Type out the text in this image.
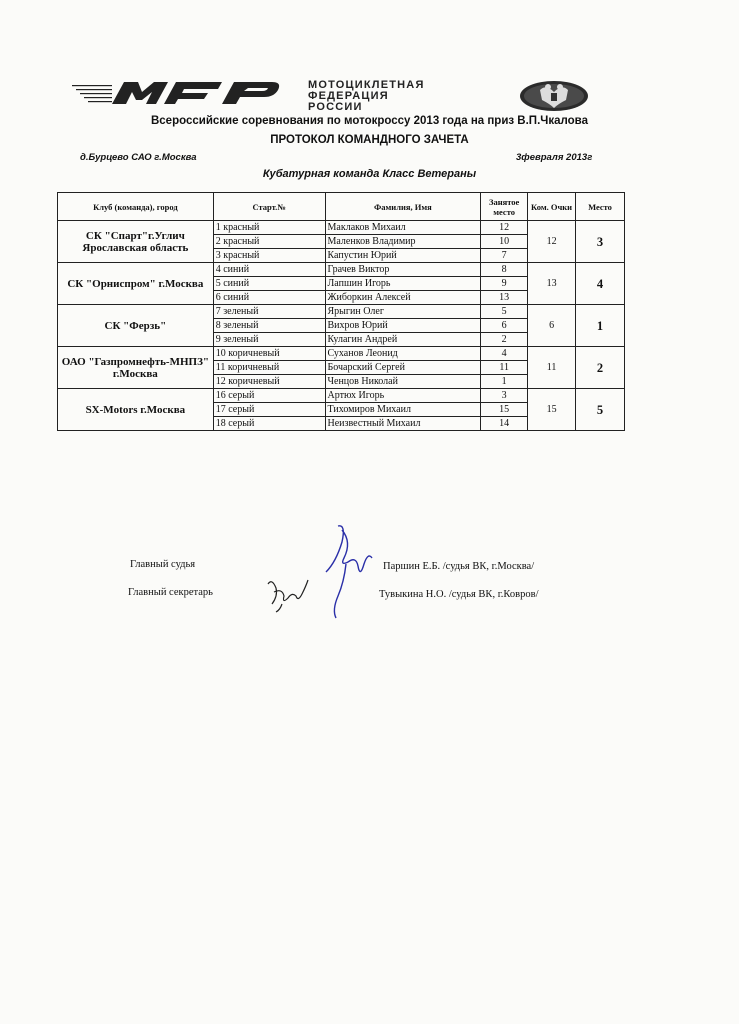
МОТОЦИКЛЕТНАЯ
ФЕДЕРАЦИЯ
РОССИИ
Всероссийские соревнования по мотокроссу 2013 года на приз В.П.Чкалова
ПРОТОКОЛ КОМАНДНОГО ЗАЧЕТА
д.Бурцево САО г.Москва	3февраля 2013г
Кубатурная команда Класс Ветераны
Клуб (команда), город	Старт.№	Фамилия, Имя	Занятое место	Ком. Очки	Место
СК "Спарт"г.Углич Ярославская область	1 красный	Маклаков Михаил	12	12	3
	2 красный	Маленков Владимир	10		
	3 красный	Капустин Юрий	7		
СК "Орниспром" г.Москва	4 синий	Грачев Виктор	8	13	4
	5 синий	Лапшин Игорь	9		
	6 синий	Жиборкин Алексей	13		
СК "Ферзь"	7 зеленый	Ярыгин Олег	5	6	1
	8 зеленый	Вихров Юрий	6		
	9 зеленый	Кулагин Андрей	2		
ОАО "Газпромнефть-МНПЗ" г.Москва	10 коричневый	Суханов Леонид	4	11	2
	11 коричневый	Бочарский Сергей	11		
	12 коричневый	Ченцов Николай	1		
SX-Motors г.Москва	16 серый	Артюх Игорь	3	15	5
	17 серый	Тихомиров Михаил	15		
	18 серый	Неизвестный Михаил	14		
Главный судья	Паршин Е.Б. /судья ВК, г.Москва/
Главный секретарь	Тувыкина Н.О. /судья ВК, г.Ковров/
